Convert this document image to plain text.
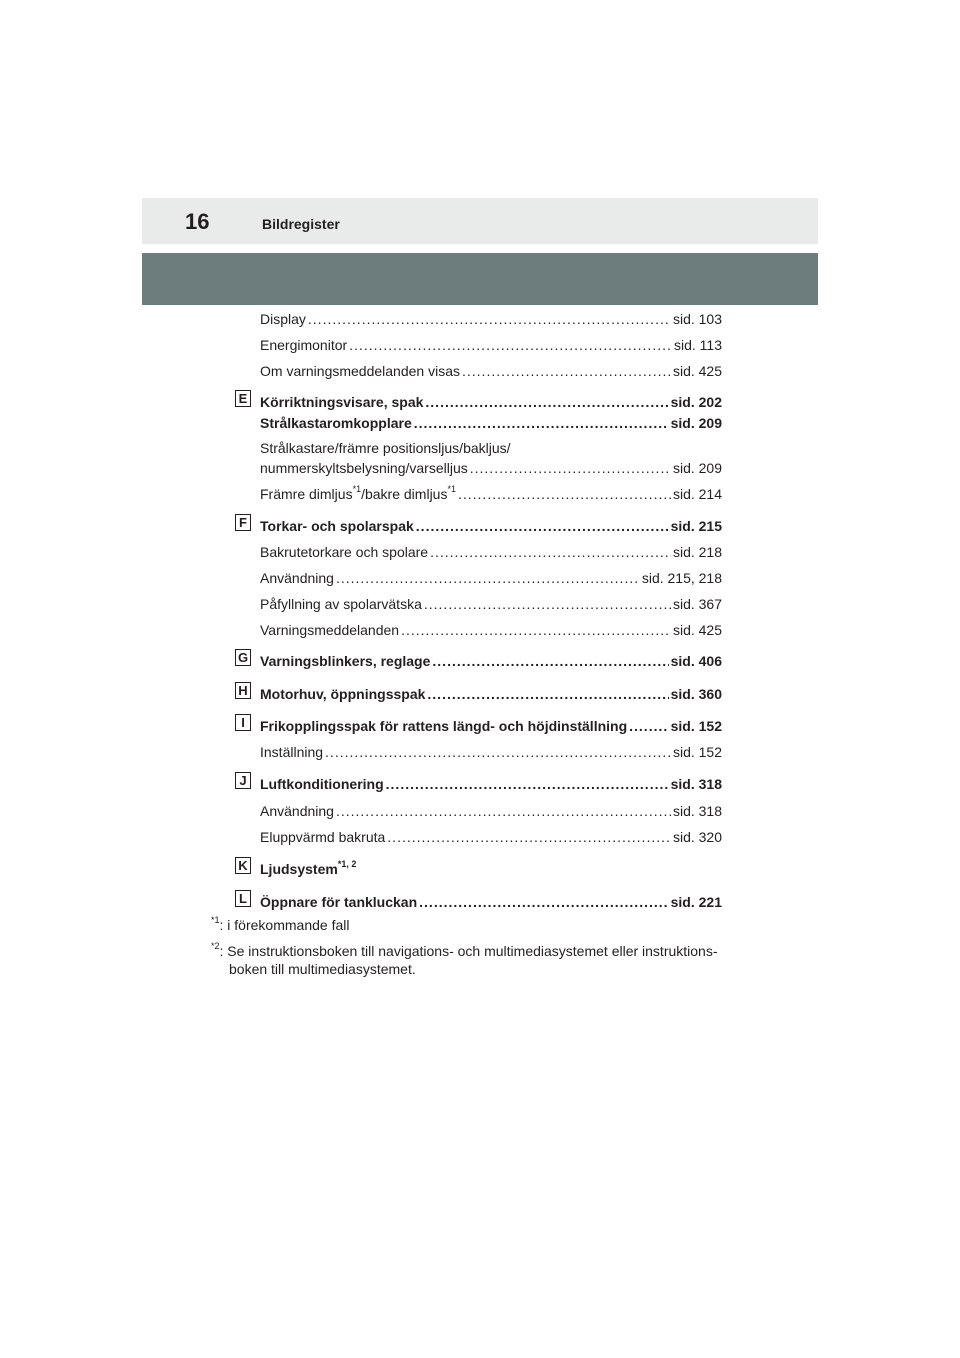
16	Bildregister
Display .....	sid. 103
Energimonitor .....	sid. 113
Om varningsmeddelanden visas .....	sid. 425
E Körriktningsvisare, spak .....	sid. 202
Strålkastaromkopplare .....	sid. 209
Strålkastare/främre positionsljus/bakljus/
nummerskyltsbelysning/varselljus .....	sid. 209
Främre dimljus$^{*1}$/bakre dimljus$^{*1}$ .....	sid. 214
F Torkar- och spolarspak .....	sid. 215
Bakrutetorkare och spolare .....	sid. 218
Användning .....	sid. 215, 218
Påfyllning av spolarvätska .....	sid. 367
Varningsmeddelanden .....	sid. 425
G Varningsblinkers, reglage .....	sid. 406
H Motorhuv, öppningsspak .....	sid. 360
I	Frikopplingsspak för rattens längd- och höjdinställning .....	sid. 152
Inställning .....	sid. 152
J Luftkonditionering .....	sid. 318
Användning .....	sid. 318
Eluppvärmd bakruta .....	sid. 320
K Ljudsystem$^{*1, 2}$
L Öppnare för tankluckan .....	sid. 221
$^{*1}$: i förekommande fall
$^{*2}$: Se instruktionsboken till navigations- och multimediasystemet eller instruktions-
boken till multimediasystemet.
